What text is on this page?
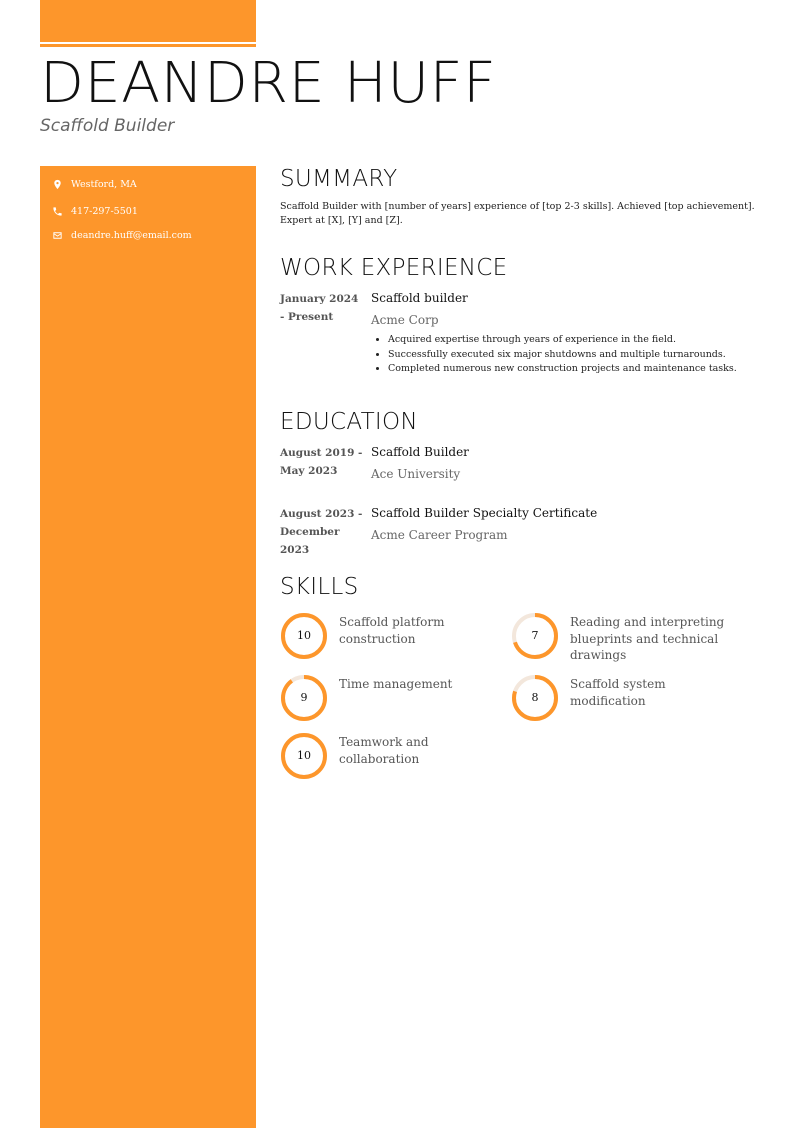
DEANDRE HUFF
Scaffold Builder
Westford, MA
417-297-5501
deandre.huff@email.com
SUMMARY
Scaffold Builder with [number of years] experience of [top 2-3 skills]. Achieved [top achievement]. Expert at [X], [Y] and [Z].
WORK EXPERIENCE
January 2024
- Present
Scaffold builder
Acme Corp
• Acquired expertise through years of experience in the field.
• Successfully executed six major shutdowns and multiple turnarounds.
• Completed numerous new construction projects and maintenance tasks.
EDUCATION
August 2019 -
May 2023
Scaffold Builder
Ace University
August 2023 -
December 2023
Scaffold Builder Specialty Certificate
Acme Career Program
SKILLS
10
Scaffold platform construction	7
Reading and interpreting blueprints and technical drawings
9
Time management
8
Scaffold system modification
10
Teamwork and collaboration
